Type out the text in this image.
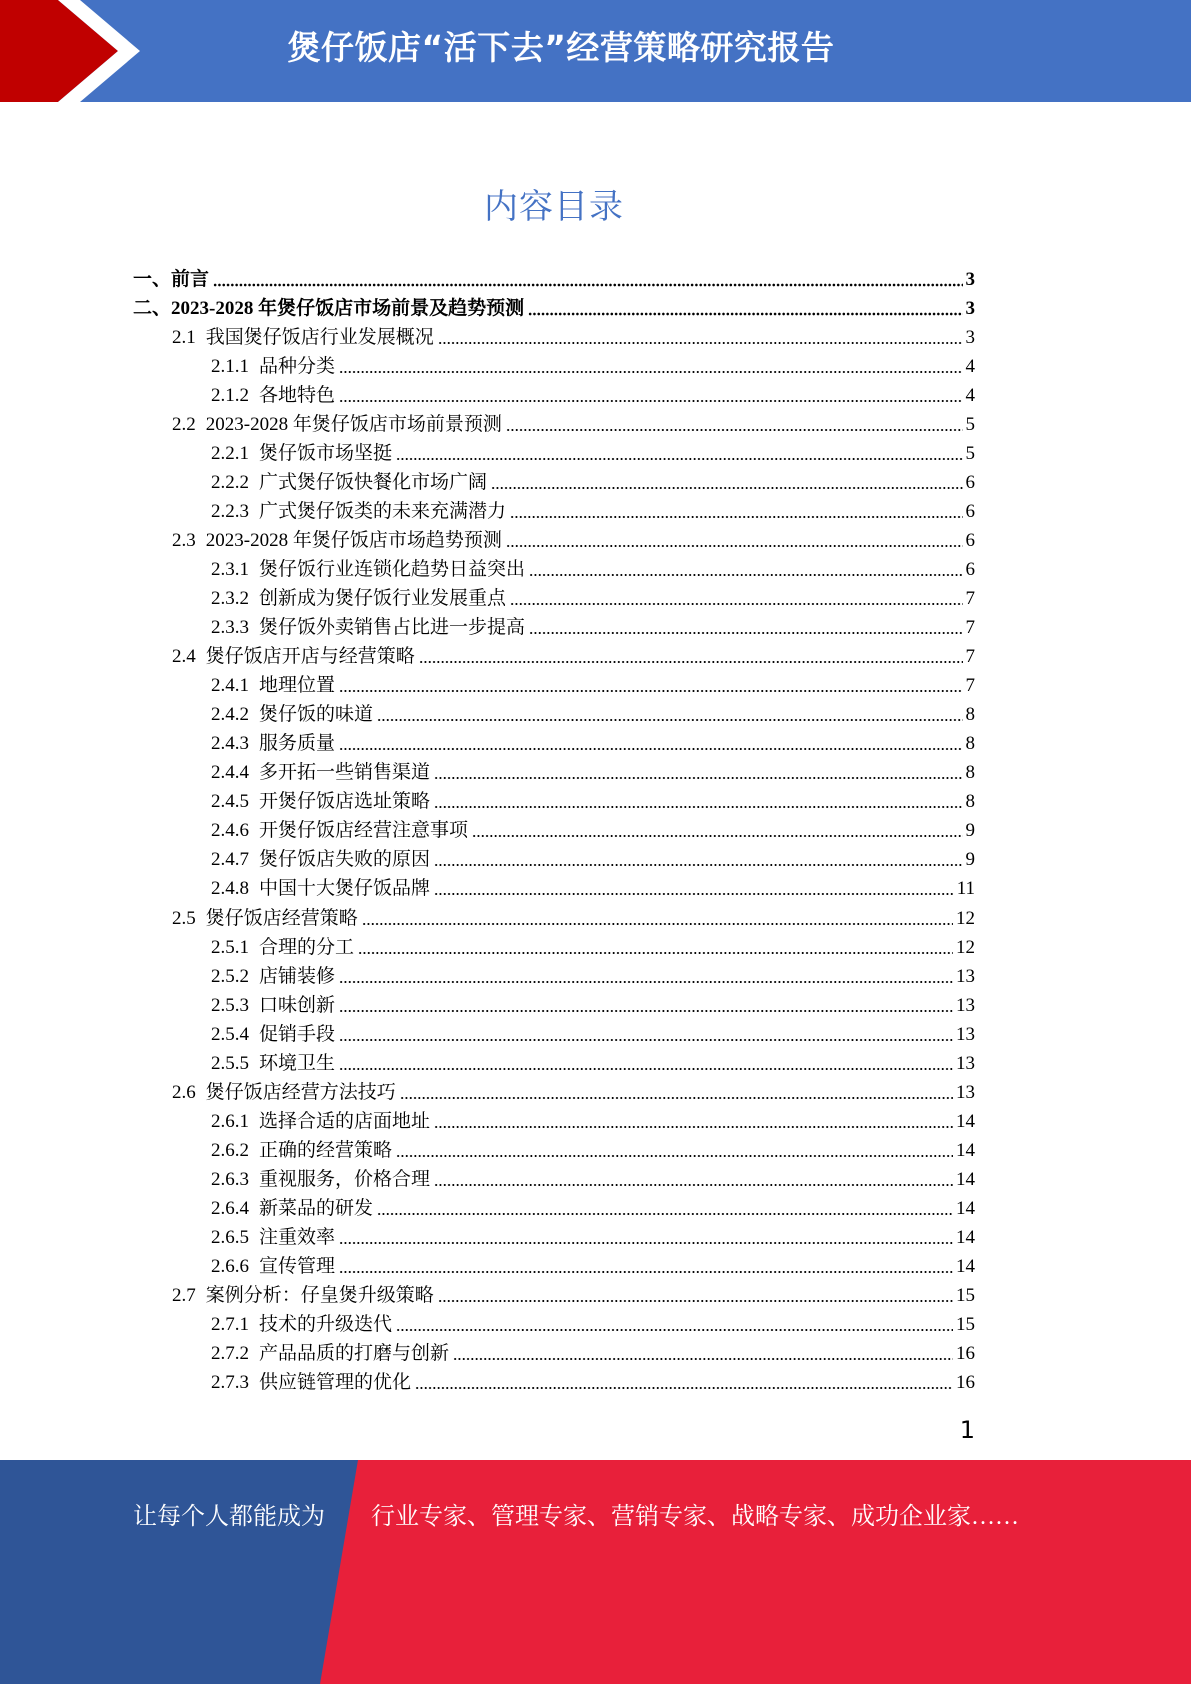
煲仔饭店“活下去”经营策略研究报告
内容目录
一、 前言	3
二、 2023-2028 年煲仔饭店市场前景及趋势预测	3
2.1 我国煲仔饭店行业发展概况	3
2.1.1 品种分类	4
2.1.2 各地特色	4
2.2 2023-2028 年煲仔饭店市场前景预测	5
2.2.1 煲仔饭市场坚挺	5
2.2.2 广式煲仔饭快餐化市场广阔	6
2.2.3 广式煲仔饭类的未来充满潜力	6
2.3 2023-2028 年煲仔饭店市场趋势预测	6
2.3.1 煲仔饭行业连锁化趋势日益突出	6
2.3.2 创新成为煲仔饭行业发展重点	7
2.3.3 煲仔饭外卖销售占比进一步提高	7
2.4 煲仔饭店开店与经营策略	7
2.4.1 地理位置	7
2.4.2 煲仔饭的味道	8
2.4.3 服务质量	8
2.4.4 多开拓一些销售渠道	8
2.4.5 开煲仔饭店选址策略	8
2.4.6 开煲仔饭店经营注意事项	9
2.4.7 煲仔饭店失败的原因	9
2.4.8 中国十大煲仔饭品牌	11
2.5 煲仔饭店经营策略	12
2.5.1 合理的分工	12
2.5.2 店铺装修	13
2.5.3 口味创新	13
2.5.4 促销手段	13
2.5.5 环境卫生	13
2.6 煲仔饭店经营方法技巧	13
2.6.1 选择合适的店面地址	14
2.6.2 正确的经营策略	14
2.6.3 重视服务，价格合理	14
2.6.4 新菜品的研发	14
2.6.5 注重效率	14
2.6.6 宣传管理	14
2.7 案例分析：仔皇煲升级策略	15
2.7.1 技术的升级迭代	15
2.7.2 产品品质的打磨与创新	16
2.7.3 供应链管理的优化	16
1
让每个人都能成为 行业专家、管理专家、营销专家、战略专家、成功企业家……
